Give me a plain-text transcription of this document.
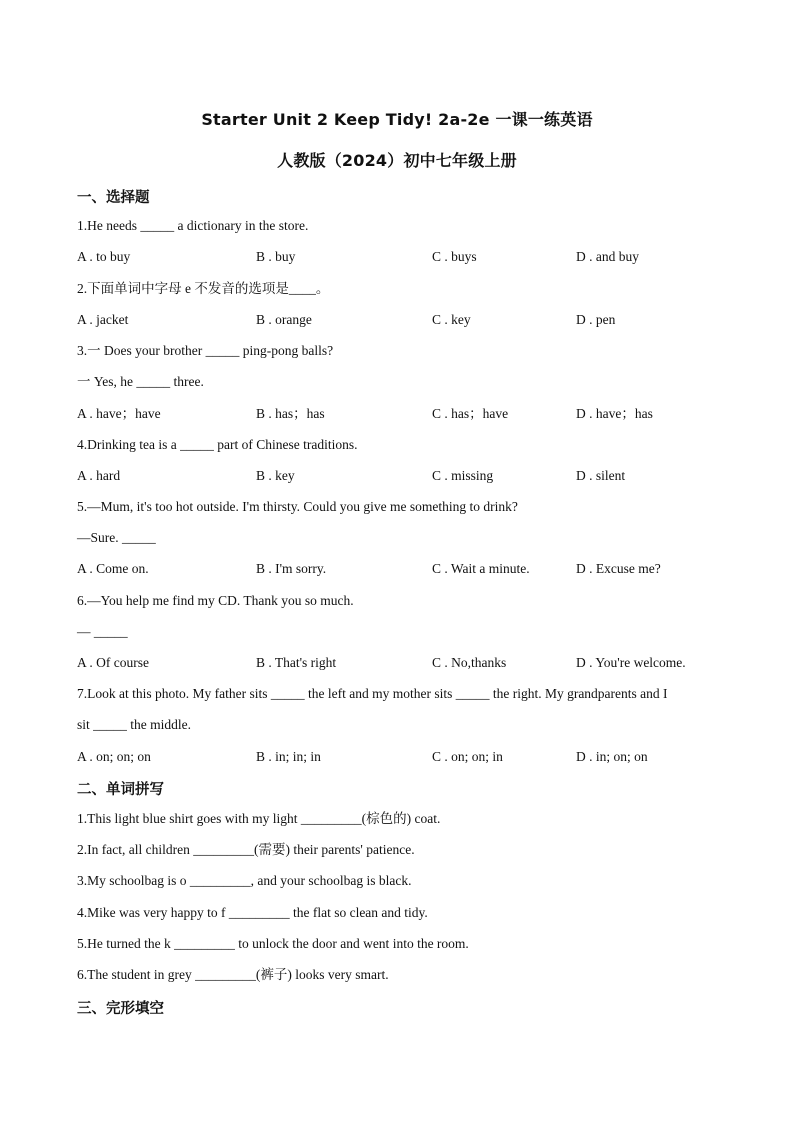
Starter Unit 2 Keep Tidy! 2a-2e 一课一练英语
人教版（2024）初中七年级上册
一、选择题
1.He needs _____ a dictionary in the store.
A . to buy	B . buy	C . buys	D . and buy
2.下面单词中字母 e 不发音的选项是____。
A . jacket	B . orange	C . key	D . pen
3.一 Does your brother _____ ping-pong balls?
一 Yes, he _____ three.
A . have；have	B . has；has	C . has；have	D . have；has
4.Drinking tea is a _____ part of Chinese traditions.
A . hard	B . key	C . missing	D . silent
5.—Mum, it's too hot outside. I'm thirsty. Could you give me something to drink?
—Sure. _____
A . Come on.	B . I'm sorry.	C . Wait a minute.	D . Excuse me?
6.—You help me find my CD. Thank you so much.
— _____
A . Of course	B . That's right	C . No,thanks	D . You're welcome.
7.Look at this photo. My father sits _____ the left and my mother sits _____ the right. My grandparents and I
sit _____ the middle.
A . on; on; on	B . in; in; in	C . on; on; in	D . in; on; on
二、单词拼写
1.This light blue shirt goes with my light _________(棕色的) coat.
2.In fact, all children _________(需要) their parents' patience.
3.My schoolbag is o _________, and your schoolbag is black.
4.Mike was very happy to f _________ the flat so clean and tidy.
5.He turned the k _________ to unlock the door and went into the room.
6.The student in grey _________(裤子) looks very smart.
三、完形填空
